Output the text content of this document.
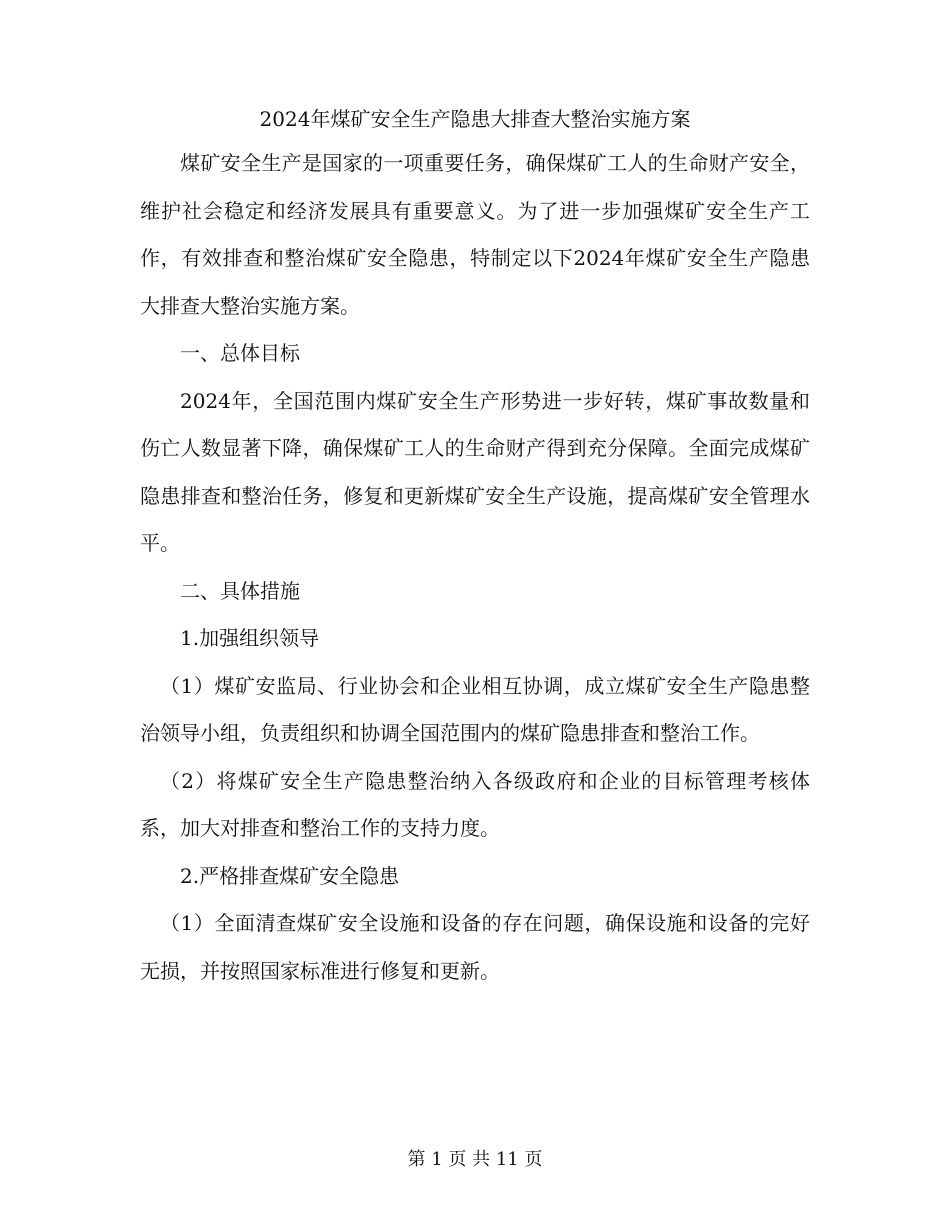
2024年煤矿安全生产隐患大排查大整治实施方案

煤矿安全生产是国家的一项重要任务，确保煤矿工人的生命财产安全，维护社会稳定和经济发展具有重要意义。为了进一步加强煤矿安全生产工作，有效排查和整治煤矿安全隐患，特制定以下2024年煤矿安全生产隐患大排查大整治实施方案。

一、总体目标

2024年，全国范围内煤矿安全生产形势进一步好转，煤矿事故数量和伤亡人数显著下降，确保煤矿工人的生命财产得到充分保障。全面完成煤矿隐患排查和整治任务，修复和更新煤矿安全生产设施，提高煤矿安全管理水平。

二、具体措施

1.加强组织领导

（1）煤矿安监局、行业协会和企业相互协调，成立煤矿安全生产隐患整治领导小组，负责组织和协调全国范围内的煤矿隐患排查和整治工作。

（2）将煤矿安全生产隐患整治纳入各级政府和企业的目标管理考核体系，加大对排查和整治工作的支持力度。

2.严格排查煤矿安全隐患

（1）全面清查煤矿安全设施和设备的存在问题，确保设施和设备的完好无损，并按照国家标准进行修复和更新。

第 1 页 共 11 页
